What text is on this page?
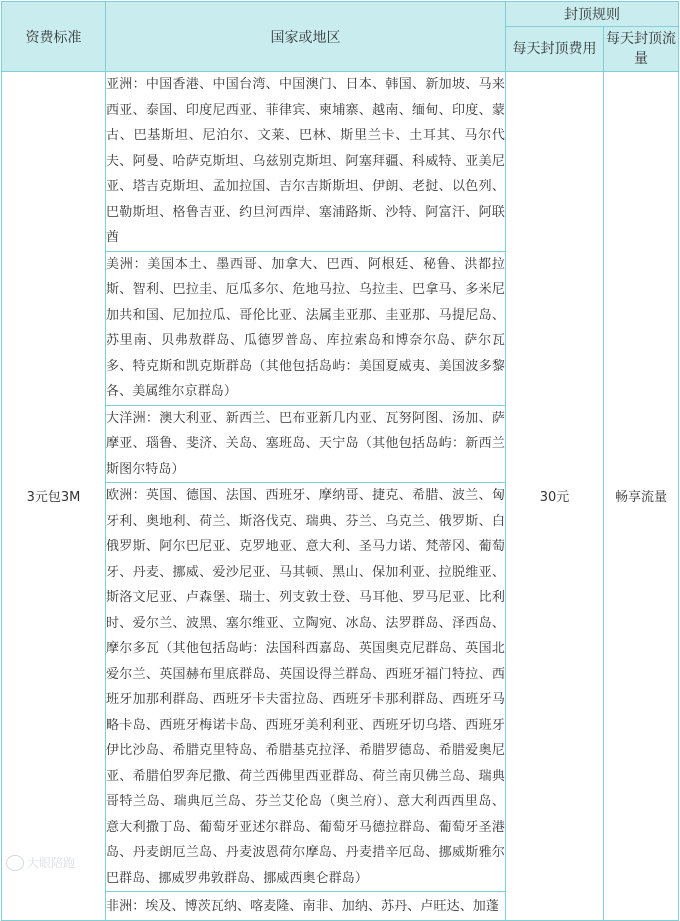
资费标准	国家或地区	封顶规则	
		每天封顶费用	每天封顶流量
3元包3M	亚洲：中国香港、中国台湾、中国澳门、日本、韩国、新加坡、马来西亚、泰国、印度尼西亚、菲律宾、柬埔寨、越南、缅甸、印度、蒙古、巴基斯坦、尼泊尔、文莱、巴林、斯里兰卡、土耳其、马尔代夫、阿曼、哈萨克斯坦、乌兹别克斯坦、阿塞拜疆、科威特、亚美尼亚、塔吉克斯坦、孟加拉国、吉尔吉斯斯坦、伊朗、老挝、以色列、巴勒斯坦、格鲁吉亚、约旦河西岸、塞浦路斯、沙特、阿富汗、阿联酋	30元	畅享流量
	美洲：美国本土、墨西哥、加拿大、巴西、阿根廷、秘鲁、洪都拉斯、智利、巴拉圭、厄瓜多尔、危地马拉、乌拉圭、巴拿马、多米尼加共和国、尼加拉瓜、哥伦比亚、法属圭亚那、圭亚那、马提尼岛、苏里南、贝弗敖群岛、瓜德罗普岛、库拉索岛和博奈尔岛、萨尔瓦多、特克斯和凯克斯群岛（其他包括岛屿：美国夏威夷、美国波多黎各、美属维尔京群岛）		
	大洋洲：澳大利亚、新西兰、巴布亚新几内亚、瓦努阿图、汤加、萨摩亚、瑙鲁、斐济、关岛、塞班岛、天宁岛（其他包括岛屿：新西兰斯图尔特岛）		
	欧洲：英国、德国、法国、西班牙、摩纳哥、捷克、希腊、波兰、匈牙利、奥地利、荷兰、斯洛伐克、瑞典、芬兰、乌克兰、俄罗斯、白俄罗斯、阿尔巴尼亚、克罗地亚、意大利、圣马力诺、梵蒂冈、葡萄牙、丹麦、挪威、爱沙尼亚、马其顿、黑山、保加利亚、拉脱维亚、斯洛文尼亚、卢森堡、瑞士、列支敦士登、马耳他、罗马尼亚、比利时、爱尔兰、波黑、塞尔维亚、立陶宛、冰岛、法罗群岛、泽西岛、摩尔多瓦（其他包括岛屿：法国科西嘉岛、英国奥克尼群岛、英国北爱尔兰、英国赫布里底群岛、英国设得兰群岛、西班牙福门特拉、西班牙加那利群岛、西班牙卡夫雷拉岛、西班牙卡那利群岛、西班牙马略卡岛、西班牙梅诺卡岛、西班牙美利利亚、西班牙切乌塔、西班牙伊比沙岛、希腊克里特岛、希腊基克拉泽、希腊罗德岛、希腊爱奥尼亚、希腊伯罗奔尼撒、荷兰西佛里西亚群岛、荷兰南贝佛兰岛、瑞典哥特兰岛、瑞典厄兰岛、芬兰艾伦岛（奥兰府）、意大利西西里岛、意大利撒丁岛、葡萄牙亚述尔群岛、葡萄牙马德拉群岛、葡萄牙圣港岛、丹麦朗厄兰岛、丹麦波恩荷尔摩岛、丹麦措辛厄岛、挪威斯雅尔巴群岛、挪威罗弗敦群岛、挪威西奥仑群岛）		
	非洲：埃及、博茨瓦纳、喀麦隆、南非、加纳、苏丹、卢旺达、加蓬		
大眼陪跑
